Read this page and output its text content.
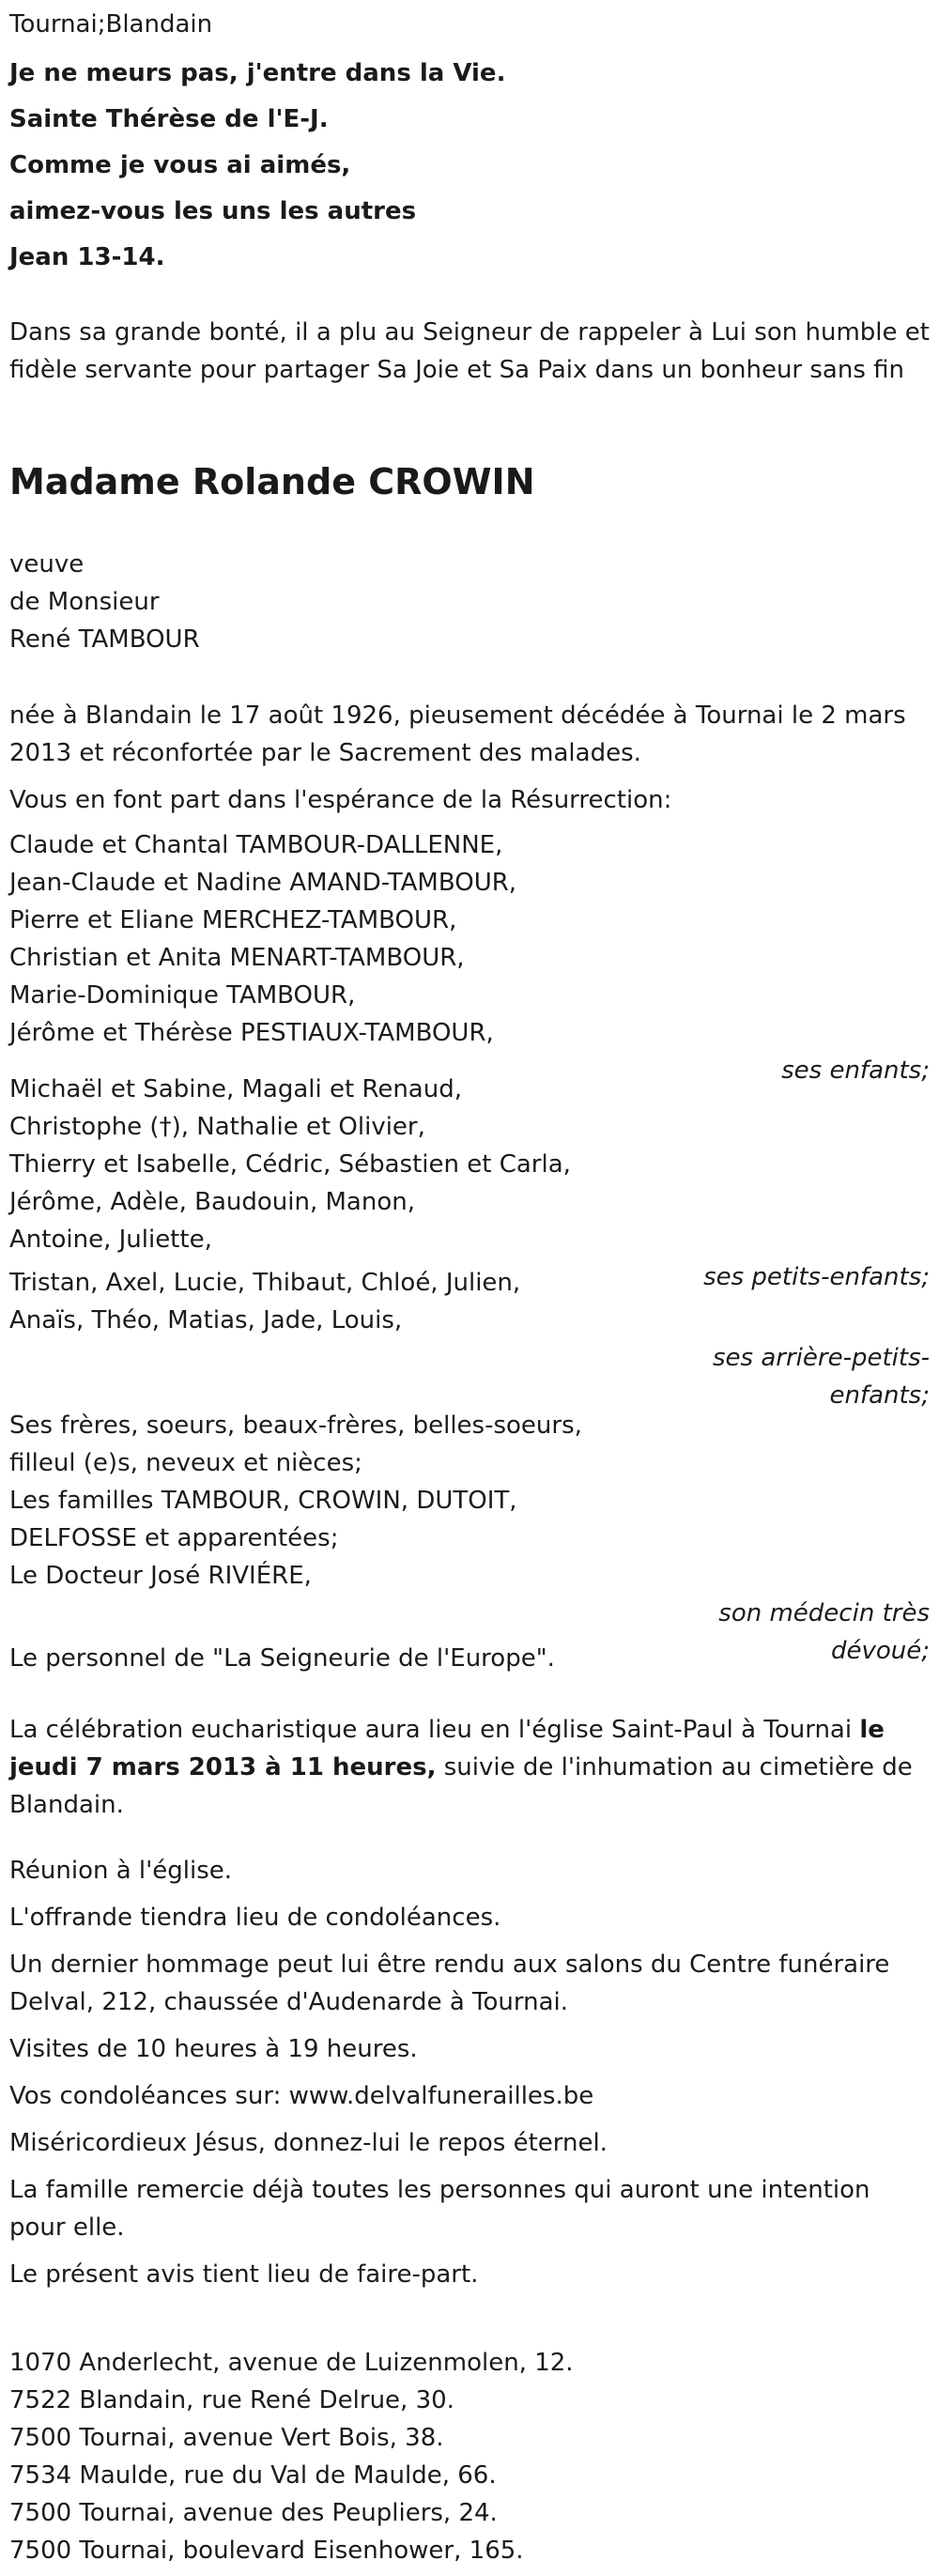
Tournai;Blandain
Je ne meurs pas, j'entre dans la Vie.
Sainte Thérèse de l'E-J.
Comme je vous ai aimés,
aimez-vous les uns les autres
Jean 13-14.
Dans sa grande bonté, il a plu au Seigneur de rappeler à Lui son humble et fidèle servante pour partager Sa Joie et Sa Paix dans un bonheur sans fin
Madame Rolande CROWIN
veuve
de Monsieur
René TAMBOUR
née à Blandain le 17 août 1926, pieusement décédée à Tournai le 2 mars 2013 et réconfortée par le Sacrement des malades.
Vous en font part dans l'espérance de la Résurrection:
Claude et Chantal TAMBOUR-DALLENNE,
Jean-Claude et Nadine AMAND-TAMBOUR,
Pierre et Eliane MERCHEZ-TAMBOUR,
Christian et Anita MENART-TAMBOUR,
Marie-Dominique TAMBOUR,
Jérôme et Thérèse PESTIAUX-TAMBOUR,
ses enfants;
Michaël et Sabine, Magali et Renaud,
Christophe (†), Nathalie et Olivier,
Thierry et Isabelle, Cédric, Sébastien et Carla,
Jérôme, Adèle, Baudouin, Manon,
Antoine, Juliette,
ses petits-enfants;
Tristan, Axel, Lucie, Thibaut, Chloé, Julien,
Anaïs, Théo, Matias, Jade, Louis,
ses arrière-petits-
enfants;
Ses frères, soeurs, beaux-frères, belles-soeurs,
filleul (e)s, neveux et nièces;
Les familles TAMBOUR, CROWIN, DUTOIT,
DELFOSSE et apparentées;
Le Docteur José RIVIÉRE,
son médecin très
dévoué;
Le personnel de "La Seigneurie de l'Europe".
La célébration eucharistique aura lieu en l'église Saint-Paul à Tournai le jeudi 7 mars 2013 à 11 heures, suivie de l'inhumation au cimetière de Blandain.
Réunion à l'église.
L'offrande tiendra lieu de condoléances.
Un dernier hommage peut lui être rendu aux salons du Centre funéraire Delval, 212, chaussée d'Audenarde à Tournai.
Visites de 10 heures à 19 heures.
Vos condoléances sur: www.delvalfunerailles.be
Miséricordieux Jésus, donnez-lui le repos éternel.
La famille remercie déjà toutes les personnes qui auront une intention pour elle.
Le présent avis tient lieu de faire-part.
1070 Anderlecht, avenue de Luizenmolen, 12.
7522 Blandain, rue René Delrue, 30.
7500 Tournai, avenue Vert Bois, 38.
7534 Maulde, rue du Val de Maulde, 66.
7500 Tournai, avenue des Peupliers, 24.
7500 Tournai, boulevard Eisenhower, 165.
